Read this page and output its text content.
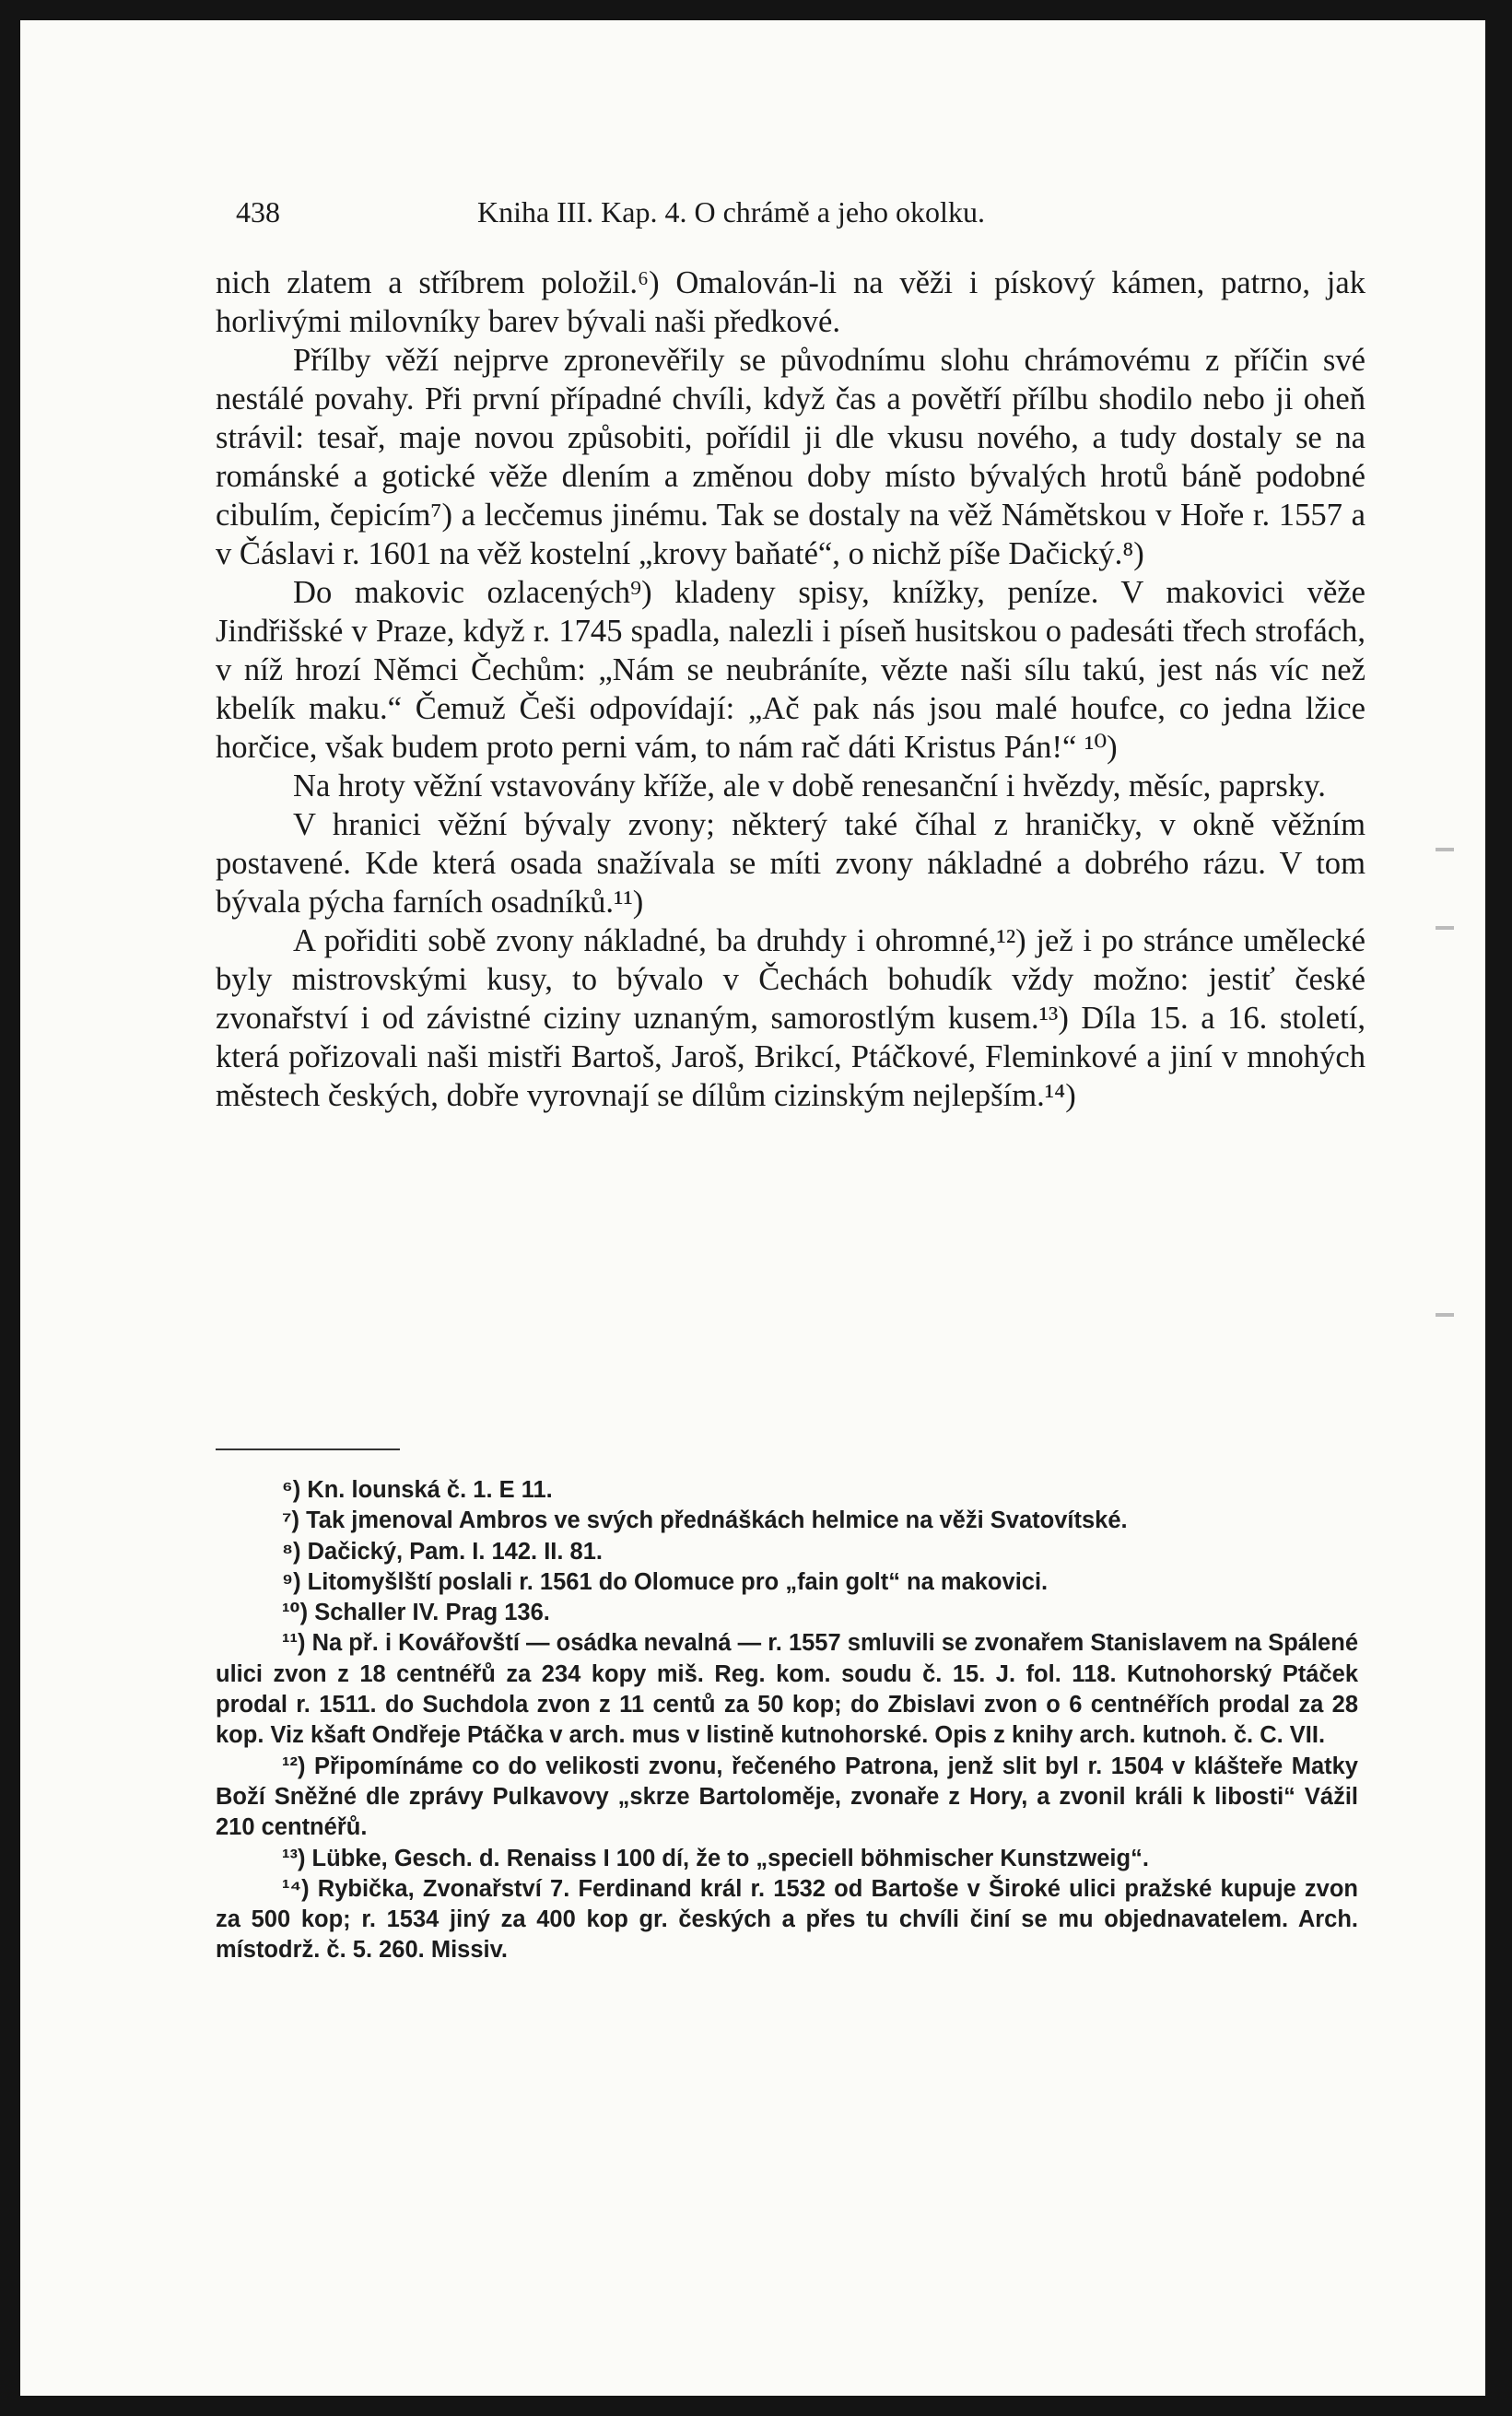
438	Kniha III. Kap. 4. O chrámě a jeho okolku.

nich zlatem a stříbrem položil.⁶) Omalován-li na věži i pískový kámen, patrno, jak horlivými milovníky barev bývali naši předkové.

Přílby věží nejprve zpronevěřily se původnímu slohu chrámovému z příčin své nestálé povahy. Při první případné chvíli, když čas a povětří přílbu shodilo nebo ji oheň strávil: tesař, maje novou způsobiti, pořídil ji dle vkusu nového, a tudy dostaly se na románské a gotické věže dlením a změnou doby místo bývalých hrotů báně podobné cibulím, čepicím⁷) a lecčemus jinému. Tak se dostaly na věž Námětskou v Hoře r. 1557 a v Čáslavi r. 1601 na věž kostelní „krovy baňaté“, o nichž píše Dačický.⁸)

Do makovic ozlacených⁹) kladeny spisy, knížky, peníze. V makovici věže Jindřišské v Praze, když r. 1745 spadla, nalezli i píseň husitskou o padesáti třech strofách, v níž hrozí Němci Čechům: „Nám se neubráníte, vězte naši sílu takú, jest nás víc než kbelík maku.“ Čemuž Češi odpovídají: „Ač pak nás jsou malé houfce, co jedna lžice horčice, však budem proto perni vám, to nám rač dáti Kristus Pán!“ ¹⁰)

Na hroty věžní vstavovány kříže, ale v době renesanční i hvězdy, měsíc, paprsky.

V hranici věžní bývaly zvony; některý také číhal z hraničky, v okně věžním postavené. Kde která osada snažívala se míti zvony nákladné a dobrého rázu. V tom bývala pýcha farních osadníků.¹¹)

A pořiditi sobě zvony nákladné, ba druhdy i ohromné,¹²) jež i po stránce umělecké byly mistrovskými kusy, to bývalo v Čechách bohudík vždy možno: jestiť české zvonařství i od závistné ciziny uznaným, samorostlým kusem.¹³) Díla 15. a 16. století, která pořizovali naši mistři Bartoš, Jaroš, Brikcí, Ptáčkové, Fleminkové a jiní v mnohých městech českých, dobře vyrovnají se dílům cizinským nejlepším.¹⁴)

⁶) Kn. lounská č. 1. E 11.

⁷) Tak jmenoval Ambros ve svých přednáškách helmice na věži Svatovítské.

⁸) Dačický, Pam. I. 142. II. 81.

⁹) Litomyšlští poslali r. 1561 do Olomuce pro „fain golt“ na makovici.

¹⁰) Schaller IV. Prag 136.

¹¹) Na př. i Kovářovští — osádka nevalná — r. 1557 smluvili se zvonařem Stanislavem na Spálené ulici zvon z 18 centnéřů za 234 kopy miš. Reg. kom. soudu č. 15. J. fol. 118. Kutnohorský Ptáček prodal r. 1511. do Suchdola zvon z 11 centů za 50 kop; do Zbislavi zvon o 6 centnéřích prodal za 28 kop. Viz kšaft Ondřeje Ptáčka v arch. mus v listině kutnohorské. Opis z knihy arch. kutnoh. č. C. VII.

¹²) Připomínáme co do velikosti zvonu, řečeného Patrona, jenž slit byl r. 1504 v klášteře Matky Boží Sněžné dle zprávy Pulkavovy „skrze Bartoloměje, zvonaře z Hory, a zvonil králi k libosti“ Vážil 210 centnéřů.

¹³) Lübke, Gesch. d. Renaiss I 100 dí, že to „speciell böhmischer Kunstzweig“.

¹⁴) Rybička, Zvonařství 7. Ferdinand král r. 1532 od Bartoše v Široké ulici pražské kupuje zvon za 500 kop; r. 1534 jiný za 400 kop gr. českých a přes tu chvíli činí se mu objednavatelem. Arch. místodrž. č. 5. 260. Missiv.
